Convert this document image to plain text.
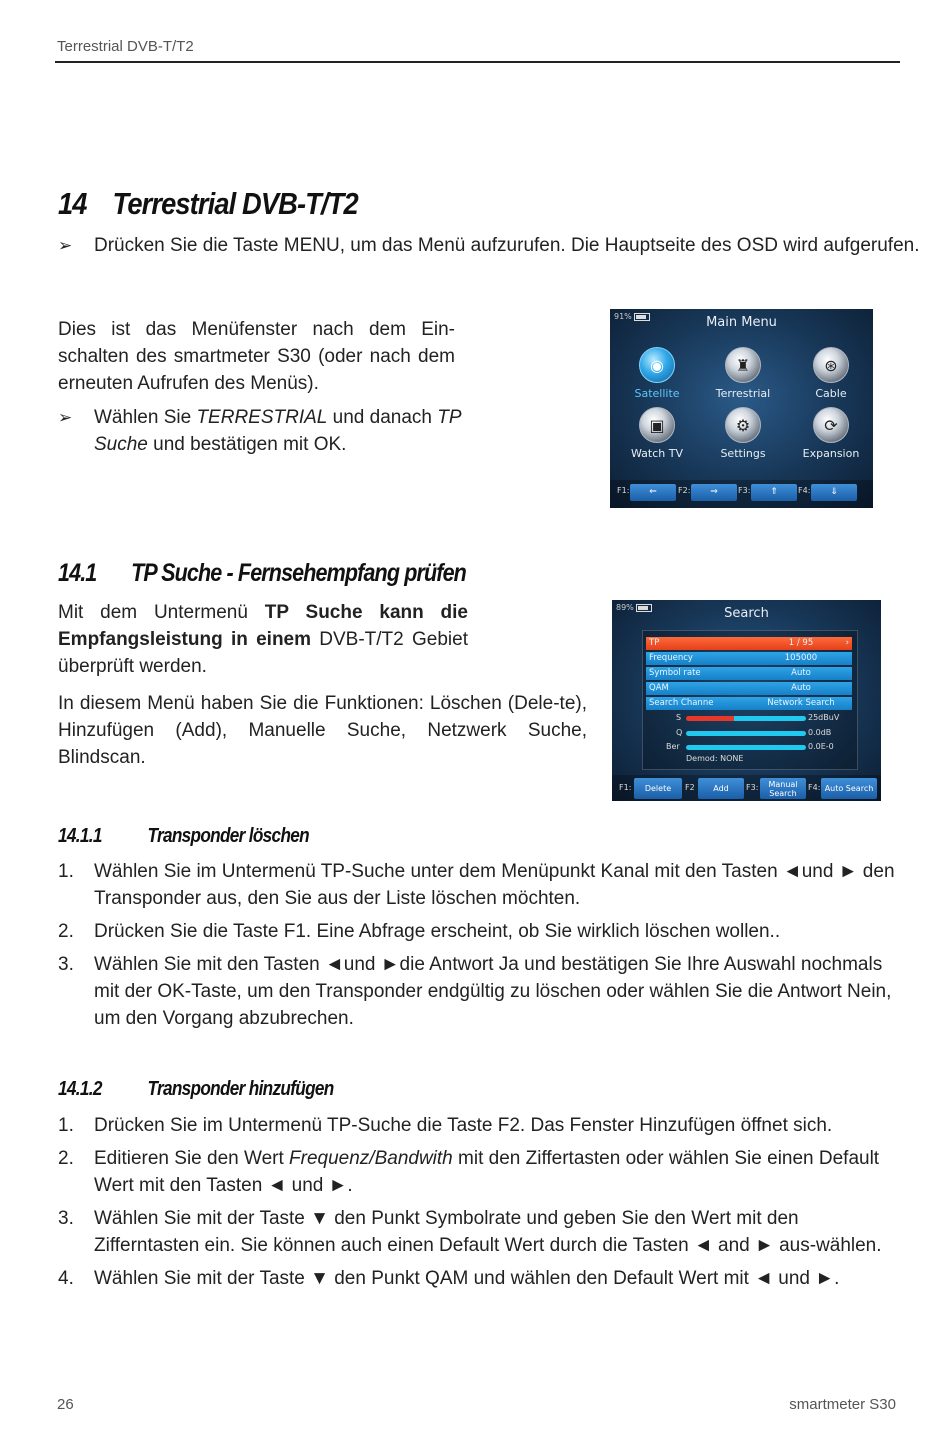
Terrestrial DVB-T/T2
14 Terrestrial DVB-T/T2
➢	Drücken Sie die Taste MENU, um das Menü aufzurufen. Die Hauptseite des OSD wird aufgerufen.
Dies ist das Menüfenster nach dem Ein-schalten des smartmeter S30 (oder nach dem erneuten Aufrufen des Menüs).
➢	Wählen Sie TERRESTRIAL und danach TP Suche und bestätigen mit OK.
91%	Main Menu
◉
Satellite
♜
Terrestrial
⊛
Cable
▣
Watch TV
⚙
Settings
⟳
Expansion
F1:	⇐	F2:	⇒	F3:	⇑	F4:	⇓
14.1 TP Suche - Fernsehempfang prüfen
Mit dem Untermenü TP Suche kann die Empfangsleistung in einem DVB-T/T2 Gebiet überprüft werden.
In diesem Menü haben Sie die Funktionen: Löschen (Dele-te), Hinzufügen (Add), Manuelle Suche, Netzwerk Suche, Blindscan.
89%	Search
TP	1 / 95	›
Frequency	105000
Symbol rate	Auto
QAM	Auto
Search Channe	Network Search
S	25dBuV
Q	0.0dB
Ber	0.0E-0
Demod: NONE
F1:	Delete	F2	Add	F3:	Manual Search
F4: Auto Search
14.1.1 Transponder löschen
1.	Wählen Sie im Untermenü TP-Suche unter dem Menüpunkt Kanal mit den Tasten ◄und ► den Transponder aus, den Sie aus der Liste löschen möchten.
2.	Drücken Sie die Taste F1. Eine Abfrage erscheint, ob Sie wirklich löschen wollen..
3.	Wählen Sie mit den Tasten ◄und ►die Antwort Ja und bestätigen Sie Ihre Auswahl nochmals mit der OK-Taste, um den Transponder endgültig zu löschen oder wählen Sie die Antwort Nein, um den Vorgang abzubrechen.
14.1.2 Transponder hinzufügen
1.	Drücken Sie im Untermenü TP-Suche die Taste F2. Das Fenster Hinzufügen öffnet sich.
2.	Editieren Sie den Wert Frequenz/Bandwith mit den Ziffertasten oder wählen Sie einen Default Wert mit den Tasten ◄ und ►.
3.	Wählen Sie mit der Taste ▼ den Punkt Symbolrate und geben Sie den Wert mit den Zifferntasten ein. Sie können auch einen Default Wert durch die Tasten ◄ and ► aus-wählen.
4.	Wählen Sie mit der Taste ▼ den Punkt QAM und wählen den Default Wert mit ◄ und ►.
26	smartmeter S30
